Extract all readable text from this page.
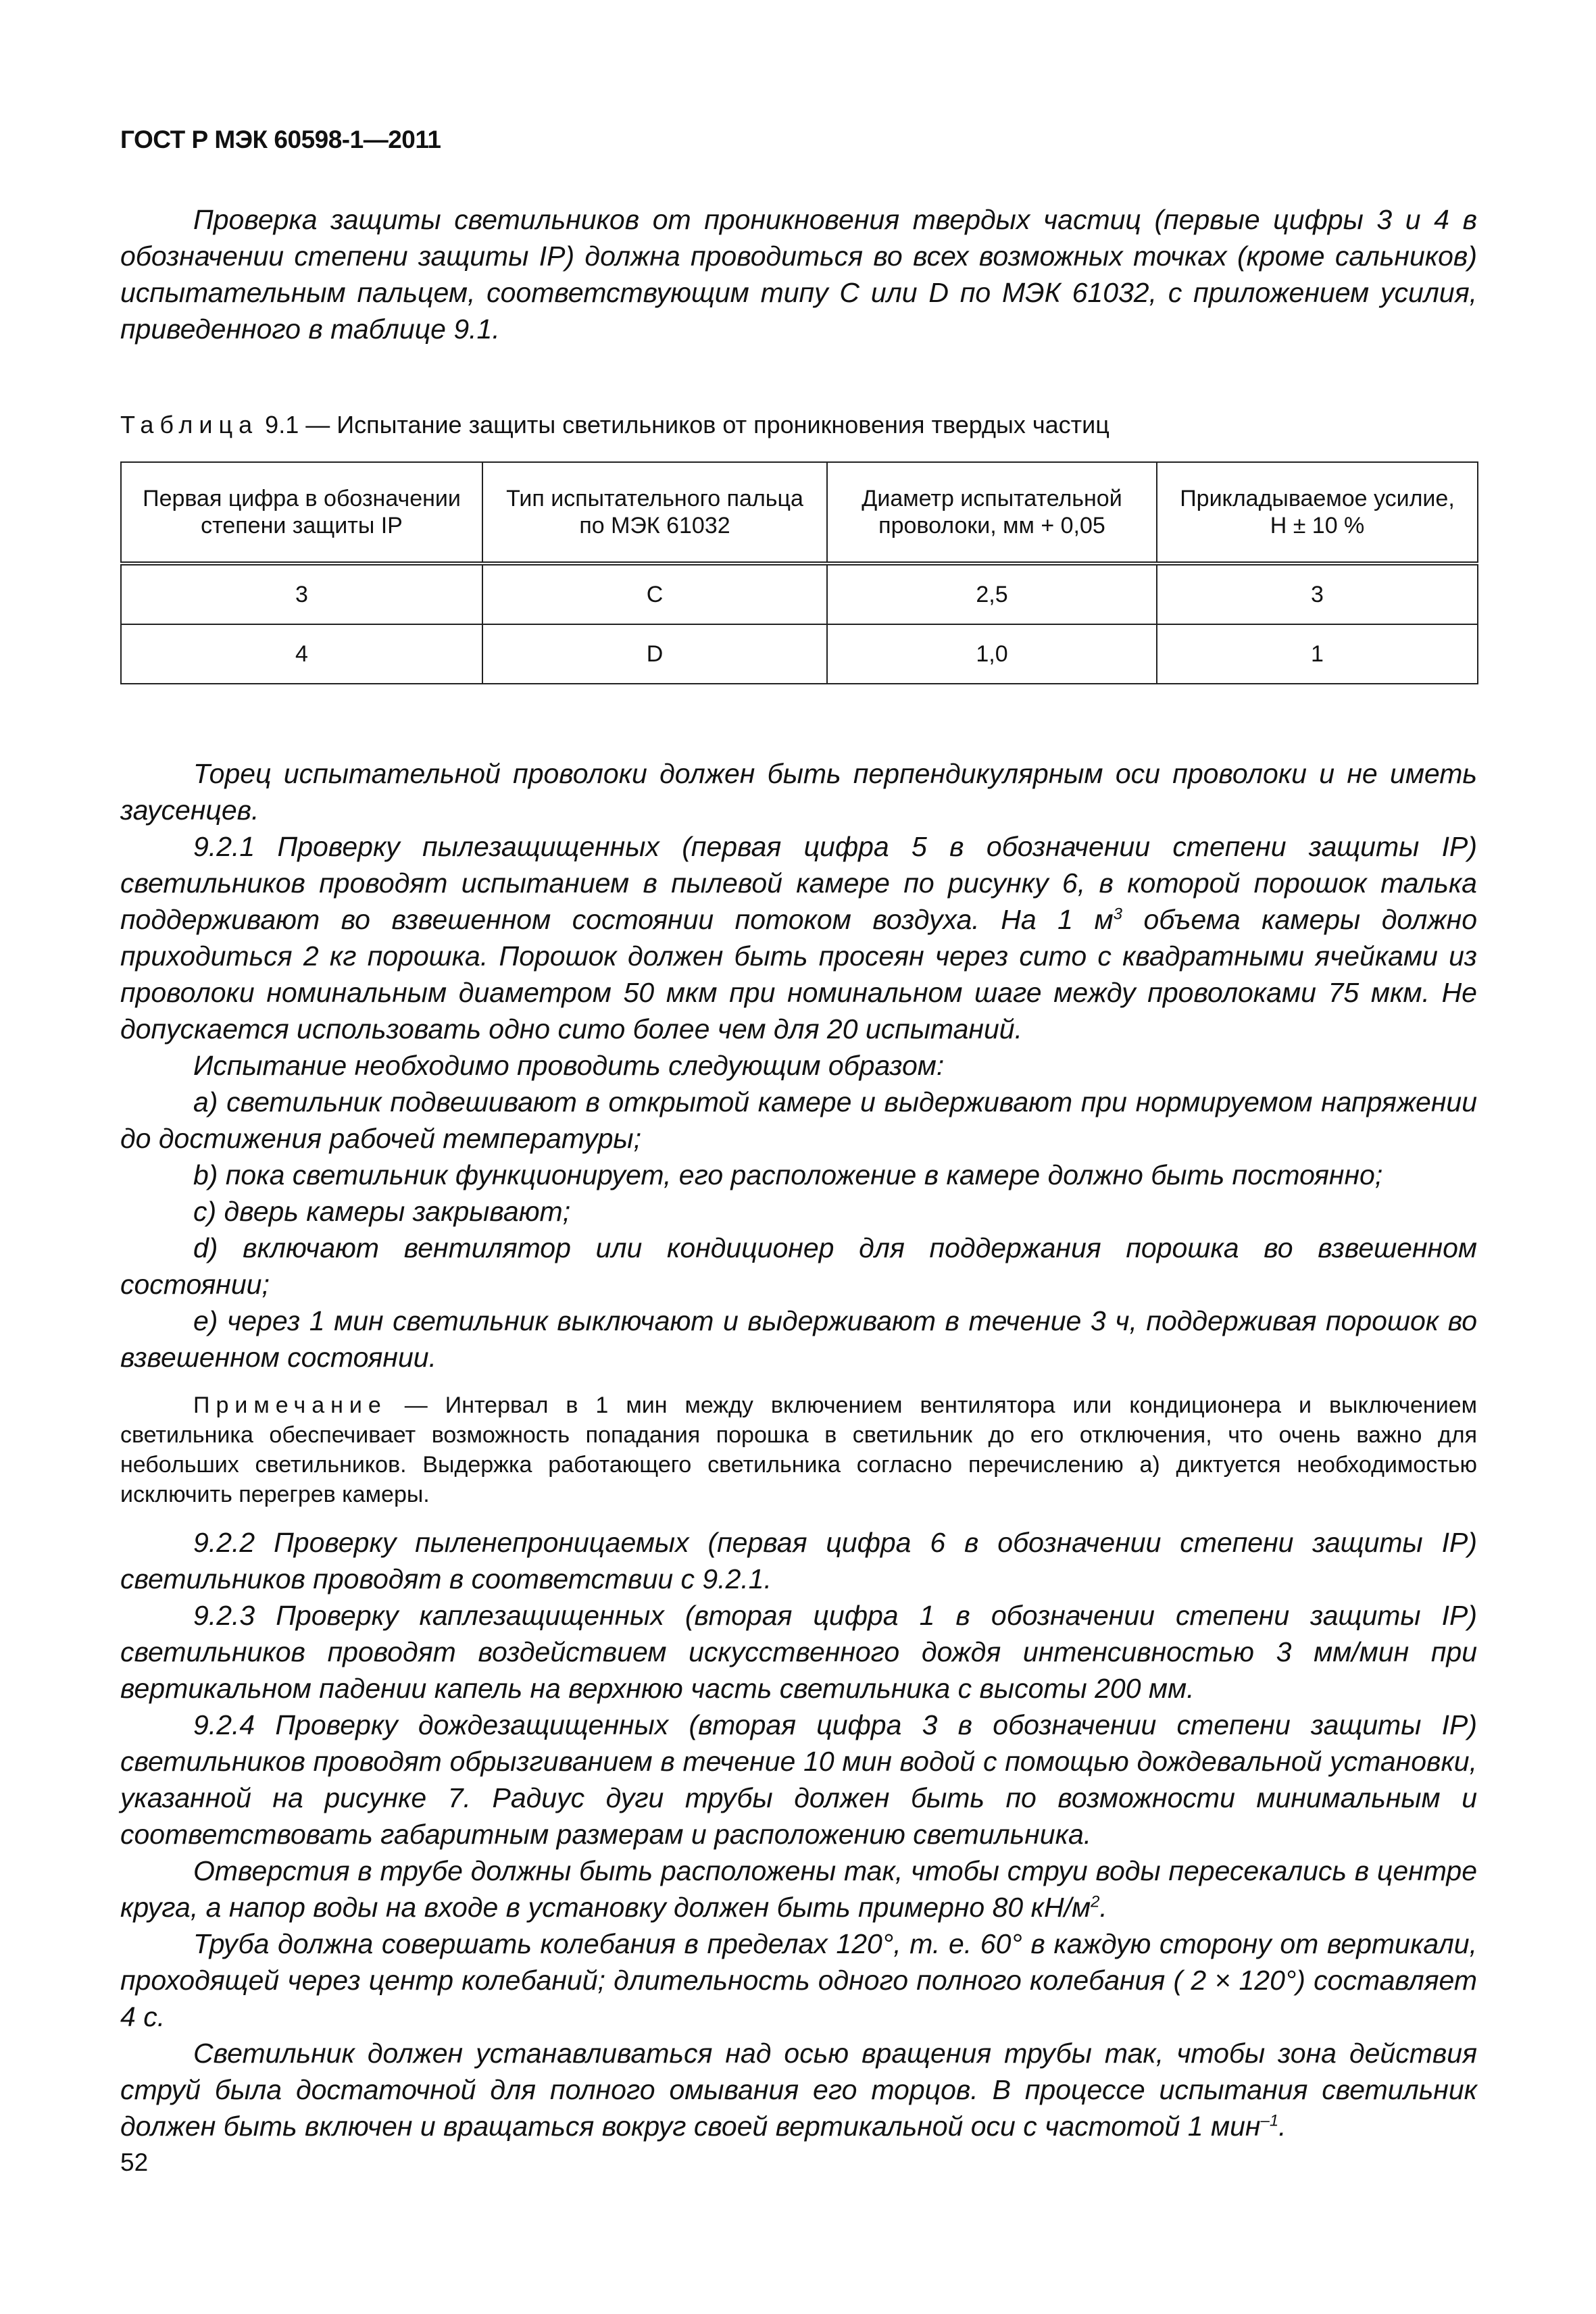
ГОСТ Р МЭК 60598-1—2011

Проверка защиты светильников от проникновения твердых частиц (первые цифры 3 и 4 в обозначении степени защиты IP) должна проводиться во всех возможных точках (кроме сальников) испытательным пальцем, соответствующим типу С или D по МЭК 61032, с приложением усилия, приведенного в таблице 9.1.

Таблица 9.1 — Испытание защиты светильников от проникновения твердых частиц
Первая цифра в обозначении степени защиты IP	Тип испытательного пальца по МЭК 61032	Диаметр испытательной проволоки, мм + 0,05	Прикладываемое усилие, Н ± 10 %
3	С	2,5	3
4	D	1,0	1

Торец испытательной проволоки должен быть перпендикулярным оси проволоки и не иметь заусенцев.

9.2.1 Проверку пылезащищенных (первая цифра 5 в обозначении степени защиты IP) светильников проводят испытанием в пылевой камере по рисунку 6, в которой порошок талька поддерживают во взвешенном состоянии потоком воздуха. На 1 $м^3$ объема камеры должно приходиться 2 кг порошка. Порошок должен быть просеян через сито с квадратными ячейками из проволоки номинальным диаметром 50 мкм при номинальном шаге между проволоками 75 мкм. Не допускается использовать одно сито более чем для 20 испытаний.

Испытание необходимо проводить следующим образом:

a) светильник подвешивают в открытой камере и выдерживают при нормируемом напряжении до достижения рабочей температуры;

b) пока светильник функционирует, его расположение в камере должно быть постоянно;

c) дверь камеры закрывают;

d) включают вентилятор или кондиционер для поддержания порошка во взвешенном состоянии;

e) через 1 мин светильник выключают и выдерживают в течение 3 ч, поддерживая порошок во взвешенном состоянии.

Примечание — Интервал в 1 мин между включением вентилятора или кондиционера и выключением светильника обеспечивает возможность попадания порошка в светильник до его отключения, что очень важно для небольших светильников. Выдержка работающего светильника согласно перечислению а) диктуется необходимостью исключить перегрев камеры.

9.2.2 Проверку пыленепроницаемых (первая цифра 6 в обозначении степени защиты IP) светильников проводят в соответствии с 9.2.1.

9.2.3 Проверку каплезащищенных (вторая цифра 1 в обозначении степени защиты IP) светильников проводят воздействием искусственного дождя интенсивностью 3 мм/мин при вертикальном падении капель на верхнюю часть светильника с высоты 200 мм.

9.2.4 Проверку дождезащищенных (вторая цифра 3 в обозначении степени защиты IP) светильников проводят обрызгиванием в течение 10 мин водой с помощью дождевальной установки, указанной на рисунке 7. Радиус дуги трубы должен быть по возможности минимальным и соответствовать габаритным размерам и расположению светильника.

Отверстия в трубе должны быть расположены так, чтобы струи воды пересекались в центре круга, а напор воды на входе в установку должен быть примерно 80 $кН/м^2$.

Труба должна совершать колебания в пределах 120°, т. е. 60° в каждую сторону от вертикали, проходящей через центр колебаний; длительность одного полного колебания ( 2 × 120°) составляет 4 с.

Светильник должен устанавливаться над осью вращения трубы так, чтобы зона действия струй была достаточной для полного омывания его торцов. В процессе испытания светильник должен быть включен и вращаться вокруг своей вертикальной оси с частотой 1 мин$^{-1}$.

52
